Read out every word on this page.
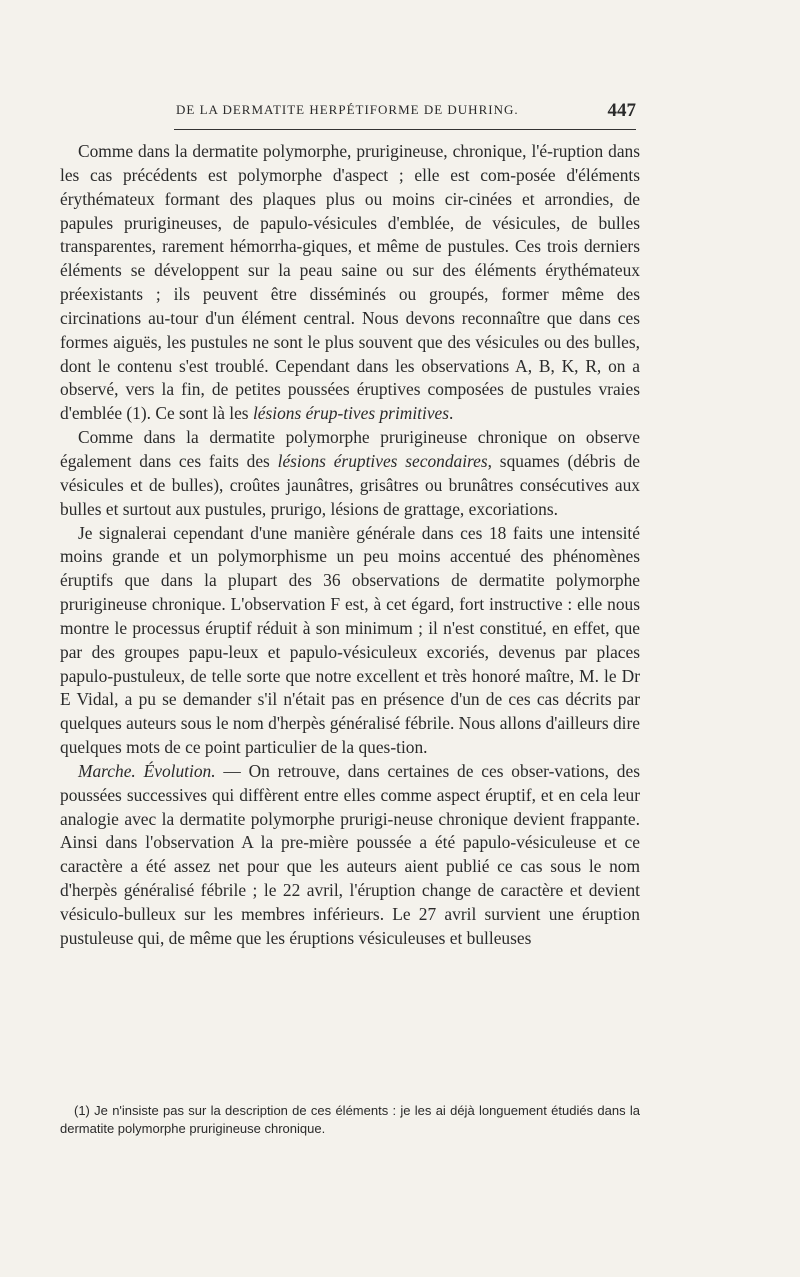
DE LA DERMATITE HERPÉTIFORME DE DUHRING.	447

Comme dans la dermatite polymorphe, prurigineuse, chronique, l'é-ruption dans les cas précédents est polymorphe d'aspect ; elle est com-posée d'éléments érythémateux formant des plaques plus ou moins cir-cinées et arrondies, de papules prurigineuses, de papulo-vésicules d'emblée, de vésicules, de bulles transparentes, rarement hémorrha-giques, et même de pustules. Ces trois derniers éléments se développent sur la peau saine ou sur des éléments érythémateux préexistants ; ils peuvent être disséminés ou groupés, former même des circinations au-tour d'un élément central. Nous devons reconnaître que dans ces formes aiguës, les pustules ne sont le plus souvent que des vésicules ou des bulles, dont le contenu s'est troublé. Cependant dans les observations A, B, K, R, on a observé, vers la fin, de petites poussées éruptives composées de pustules vraies d'emblée (1). Ce sont là les lésions érup-tives primitives.

Comme dans la dermatite polymorphe prurigineuse chronique on observe également dans ces faits des lésions éruptives secondaires, squames (débris de vésicules et de bulles), croûtes jaunâtres, grisâtres ou brunâtres consécutives aux bulles et surtout aux pustules, prurigo, lésions de grattage, excoriations.

Je signalerai cependant d'une manière générale dans ces 18 faits une intensité moins grande et un polymorphisme un peu moins accentué des phénomènes éruptifs que dans la plupart des 36 observations de dermatite polymorphe prurigineuse chronique. L'observation F est, à cet égard, fort instructive : elle nous montre le processus éruptif réduit à son minimum ; il n'est constitué, en effet, que par des groupes papu-leux et papulo-vésiculeux excoriés, devenus par places papulo-pustuleux, de telle sorte que notre excellent et très honoré maître, M. le Dr E Vidal, a pu se demander s'il n'était pas en présence d'un de ces cas décrits par quelques auteurs sous le nom d'herpès généralisé fébrile. Nous allons d'ailleurs dire quelques mots de ce point particulier de la ques-tion.

Marche. Évolution. — On retrouve, dans certaines de ces obser-vations, des poussées successives qui diffèrent entre elles comme aspect éruptif, et en cela leur analogie avec la dermatite polymorphe prurigi-neuse chronique devient frappante. Ainsi dans l'observation A la pre-mière poussée a été papulo-vésiculeuse et ce caractère a été assez net pour que les auteurs aient publié ce cas sous le nom d'herpès généralisé fébrile ; le 22 avril, l'éruption change de caractère et devient vésiculo-bulleux sur les membres inférieurs. Le 27 avril survient une éruption pustuleuse qui, de même que les éruptions vésiculeuses et bulleuses

(1) Je n'insiste pas sur la description de ces éléments : je les ai déjà longuement étudiés dans la dermatite polymorphe prurigineuse chronique.
